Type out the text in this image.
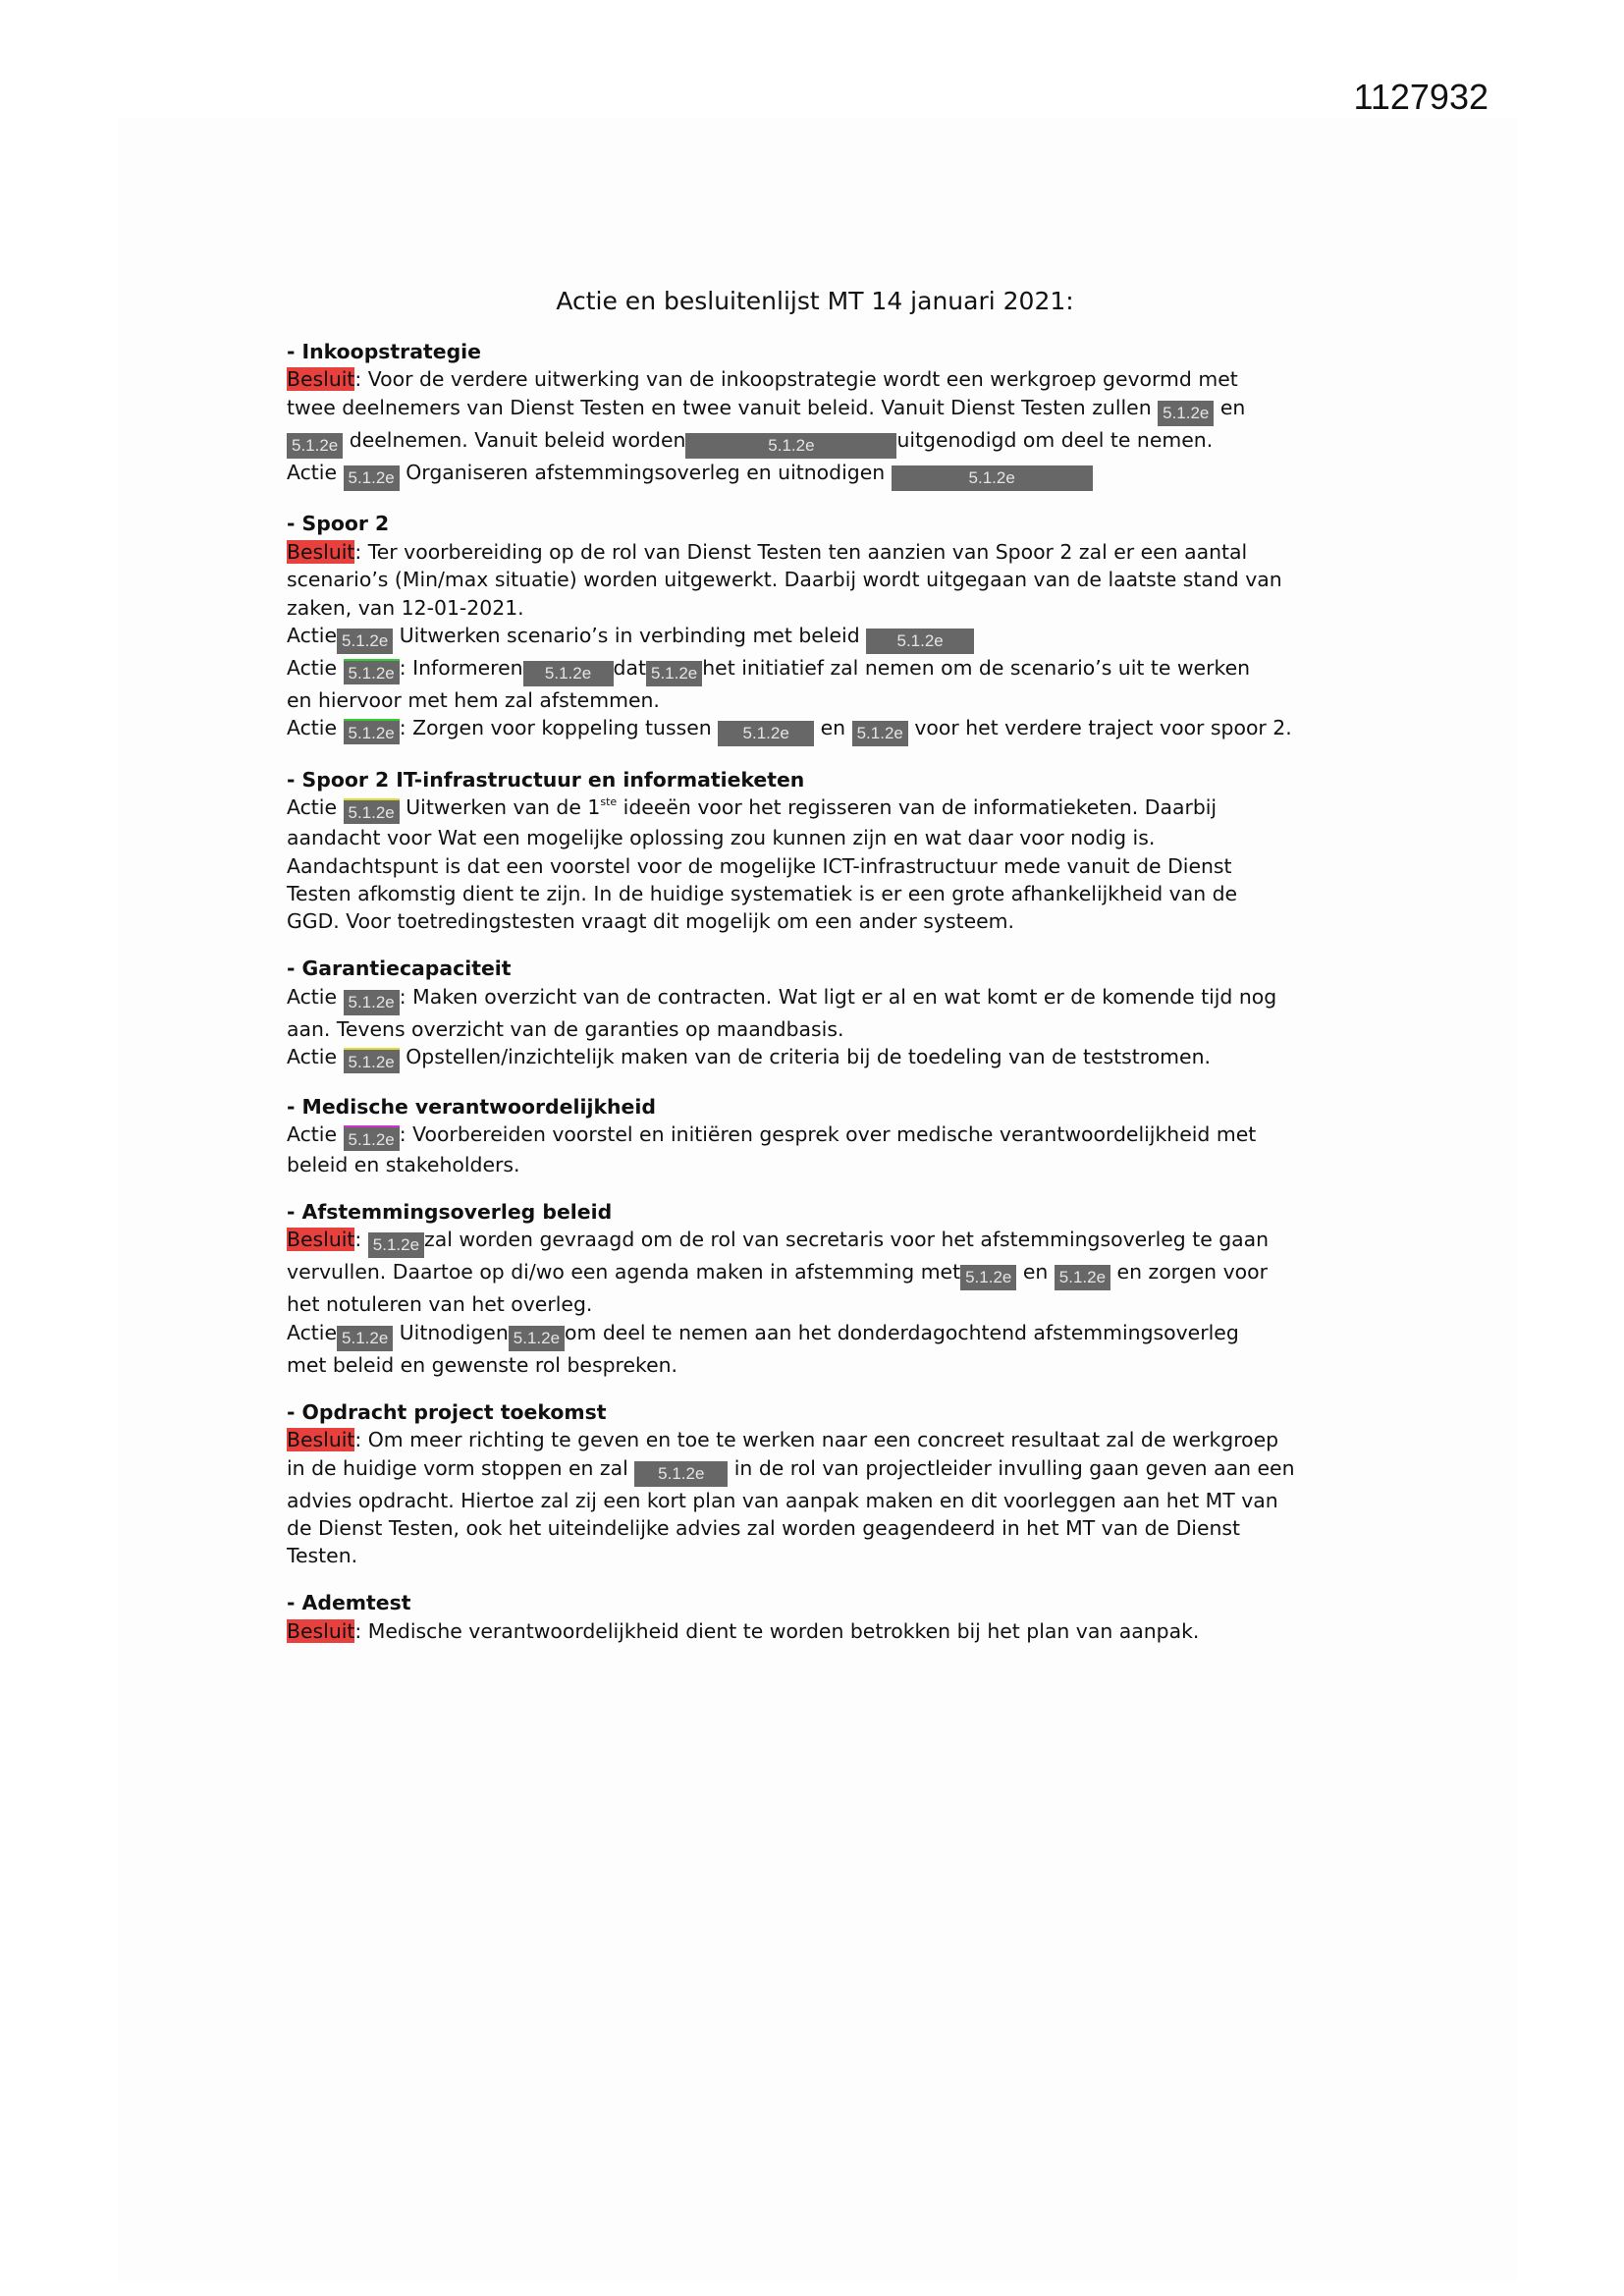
1127932
Actie en besluitenlijst MT 14 januari 2021:
- Inkoopstrategie
Besluit: Voor de verdere uitwerking van de inkoopstrategie wordt een werkgroep gevormd met
twee deelnemers van Dienst Testen en twee vanuit beleid. Vanuit Dienst Testen zullen 5.1.2e en
5.1.2e deelnemen. Vanuit beleid worden	5.1.2e	uitgenodigd om deel te nemen.
Actie 5.1.2e Organiseren afstemmingsoverleg en uitnodigen	5.1.2e
- Spoor 2
Besluit: Ter voorbereiding op de rol van Dienst Testen ten aanzien van Spoor 2 zal er een aantal
scenario’s (Min/max situatie) worden uitgewerkt. Daarbij wordt uitgegaan van de laatste stand van
zaken, van 12-01-2021.
Actie 5.1.2e Uitwerken scenario’s in verbinding met beleid 5.1.2e
Actie 5.1.2e : Informeren 5.1.2e dat 5.1.2e het initiatief zal nemen om de scenario’s uit te werken
en hiervoor met hem zal afstemmen.
Actie 5.1.2e : Zorgen voor koppeling tussen 5.1.2e en 5.1.2e voor het verdere traject voor spoor 2.
- Spoor 2 IT-infrastructuur en informatieketen
Actie 5.1.2e Uitwerken van de 1ste ideeën voor het regisseren van de informatieketen. Daarbij
aandacht voor Wat een mogelijke oplossing zou kunnen zijn en wat daar voor nodig is.
Aandachtspunt is dat een voorstel voor de mogelijke ICT-infrastructuur mede vanuit de Dienst
Testen afkomstig dient te zijn. In de huidige systematiek is er een grote afhankelijkheid van de
GGD. Voor toetredingstesten vraagt dit mogelijk om een ander systeem.
- Garantiecapaciteit
Actie 5.1.2e : Maken overzicht van de contracten. Wat ligt er al en wat komt er de komende tijd nog
aan. Tevens overzicht van de garanties op maandbasis.
Actie 5.1.2e Opstellen/inzichtelijk maken van de criteria bij de toedeling van de teststromen.
- Medische verantwoordelijkheid
Actie 5.1.2e : Voorbereiden voorstel en initiëren gesprek over medische verantwoordelijkheid met
beleid en stakeholders.
- Afstemmingsoverleg beleid
Besluit: 5.1.2e zal worden gevraagd om de rol van secretaris voor het afstemmingsoverleg te gaan
vervullen. Daartoe op di/wo een agenda maken in afstemming met 5.1.2e en 5.1.2e en zorgen voor
het notuleren van het overleg.
Actie 5.1.2e Uitnodigen 5.1.2e om deel te nemen aan het donderdagochtend afstemmingsoverleg
met beleid en gewenste rol bespreken.
- Opdracht project toekomst
Besluit: Om meer richting te geven en toe te werken naar een concreet resultaat zal de werkgroep
in de huidige vorm stoppen en zal 5.1.2e in de rol van projectleider invulling gaan geven aan een
advies opdracht. Hiertoe zal zij een kort plan van aanpak maken en dit voorleggen aan het MT van
de Dienst Testen, ook het uiteindelijke advies zal worden geagendeerd in het MT van de Dienst
Testen.
- Ademtest
Besluit: Medische verantwoordelijkheid dient te worden betrokken bij het plan van aanpak.
